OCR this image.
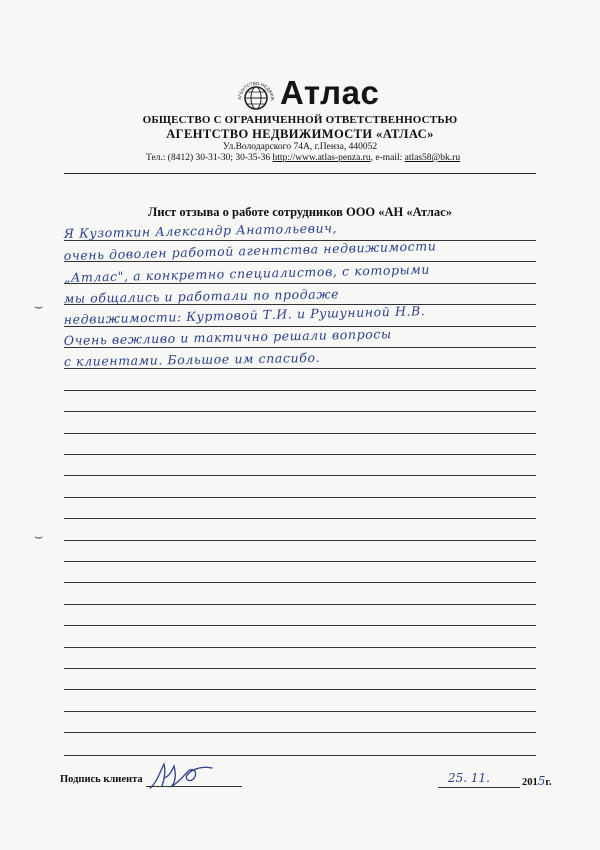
АГЕНТСТВО НЕДВИЖ Атлас
ОБЩЕСТВО С ОГРАНИЧЕННОЙ ОТВЕТСТВЕННОСТЬЮ
АГЕНТСТВО НЕДВИЖИМОСТИ «АТЛАС»
Ул.Володарского 74А, г.Пенза, 440052
Тел.: (8412) 30-31-30; 30-35-36 http://www.atlas-penza.ru, e-mail: atlas58@bk.ru
Лист отзыва о работе сотрудников ООО «АН «Атлас»
Я Кузоткин Александр Анатольевич,
очень доволен работой агентства недвижимости
„Атлас", а конкретно специалистов, с которыми
мы общались и работали по продаже
недвижимости: Куртовой Т.И. и Рушуниной Н.В.
Очень вежливо и тактично решали вопросы
с клиентами. Большое им спасибо.
⌣
⌣
Подпись клиента	25. 11.	2015г.
